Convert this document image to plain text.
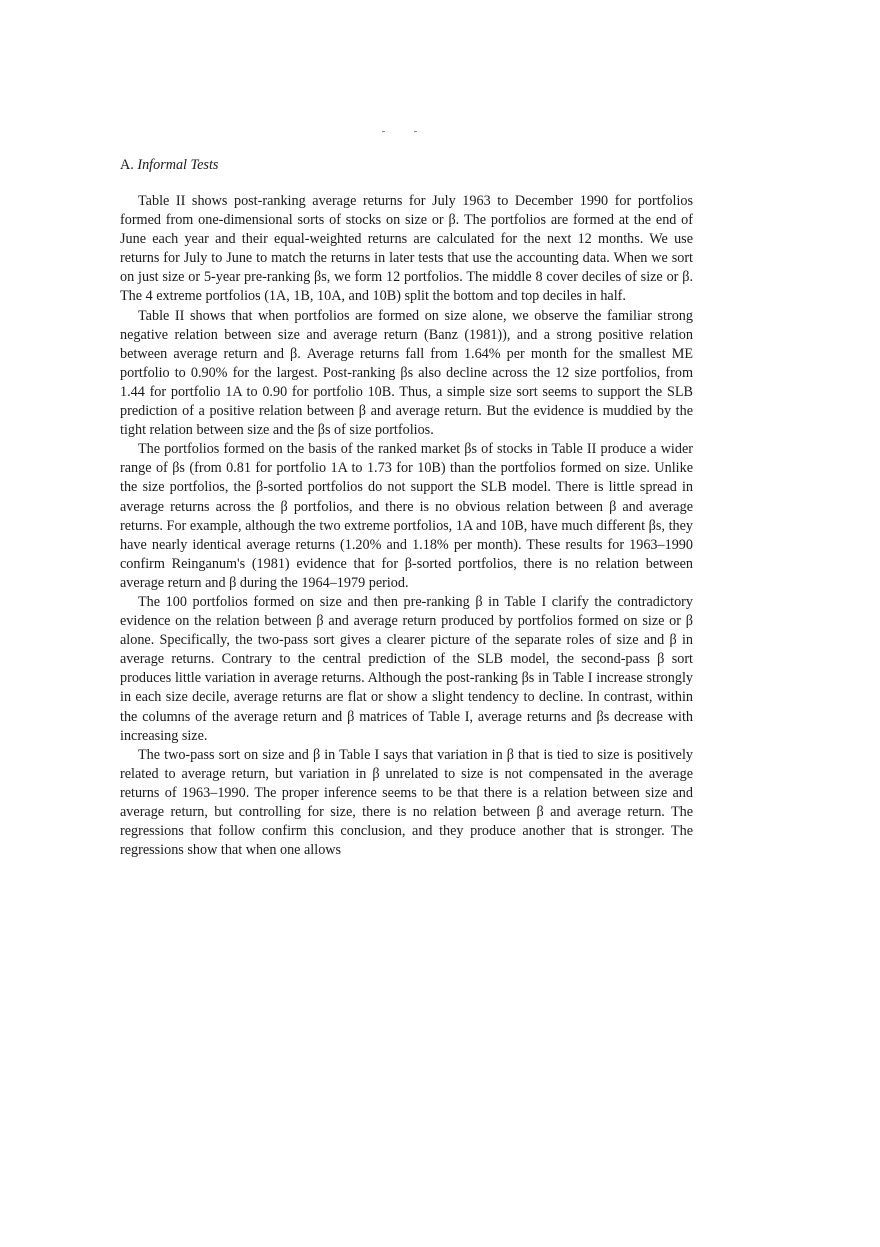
A. Informal Tests

Table II shows post-ranking average returns for July 1963 to December 1990 for portfolios formed from one-dimensional sorts of stocks on size or β. The portfolios are formed at the end of June each year and their equal-weighted returns are calculated for the next 12 months. We use returns for July to June to match the returns in later tests that use the accounting data. When we sort on just size or 5-year pre-ranking βs, we form 12 portfolios. The middle 8 cover deciles of size or β. The 4 extreme portfolios (1A, 1B, 10A, and 10B) split the bottom and top deciles in half.

Table II shows that when portfolios are formed on size alone, we observe the familiar strong negative relation between size and average return (Banz (1981)), and a strong positive relation between average return and β. Average returns fall from 1.64% per month for the smallest ME portfolio to 0.90% for the largest. Post-ranking βs also decline across the 12 size portfolios, from 1.44 for portfolio 1A to 0.90 for portfolio 10B. Thus, a simple size sort seems to support the SLB prediction of a positive relation between β and average return. But the evidence is muddied by the tight relation between size and the βs of size portfolios.

The portfolios formed on the basis of the ranked market βs of stocks in Table II produce a wider range of βs (from 0.81 for portfolio 1A to 1.73 for 10B) than the portfolios formed on size. Unlike the size portfolios, the β-sorted portfolios do not support the SLB model. There is little spread in average returns across the β portfolios, and there is no obvious relation between β and average returns. For example, although the two extreme portfolios, 1A and 10B, have much different βs, they have nearly identical average returns (1.20% and 1.18% per month). These results for 1963–1990 confirm Reinganum's (1981) evidence that for β-sorted portfolios, there is no relation between average return and β during the 1964–1979 period.

The 100 portfolios formed on size and then pre-ranking β in Table I clarify the contradictory evidence on the relation between β and average return produced by portfolios formed on size or β alone. Specifically, the two-pass sort gives a clearer picture of the separate roles of size and β in average returns. Contrary to the central prediction of the SLB model, the second-pass β sort produces little variation in average returns. Although the post-ranking βs in Table I increase strongly in each size decile, average returns are flat or show a slight tendency to decline. In contrast, within the columns of the average return and β matrices of Table I, average returns and βs decrease with increasing size.

The two-pass sort on size and β in Table I says that variation in β that is tied to size is positively related to average return, but variation in β unrelated to size is not compensated in the average returns of 1963–1990. The proper inference seems to be that there is a relation between size and average return, but controlling for size, there is no relation between β and average return. The regressions that follow confirm this conclusion, and they produce another that is stronger. The regressions show that when one allows
